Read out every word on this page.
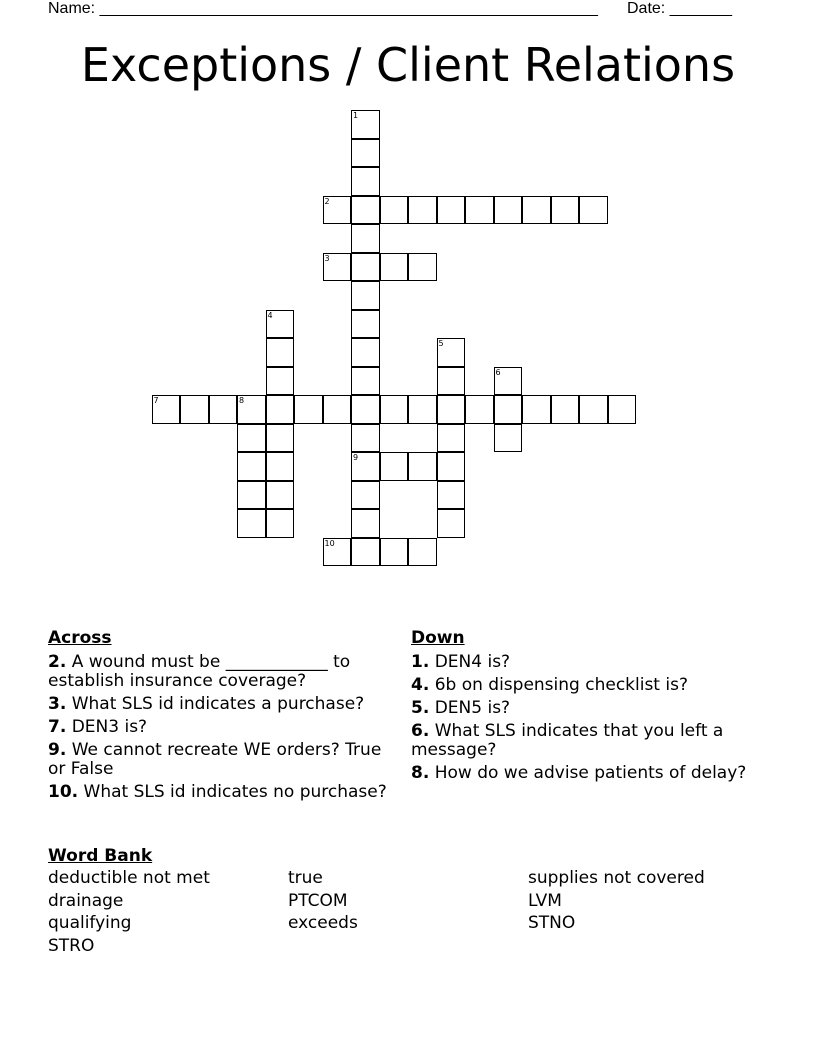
Name: ________________________________________________________ Date: _______
Exceptions / Client Relations
1
2
3
4
5
6
7	8
9
10
Across
2. A wound must be ____________ to establish insurance coverage?
3. What SLS id indicates a purchase?
7. DEN3 is?
9. We cannot recreate WE orders? True or False
10. What SLS id indicates no purchase?
Down
1. DEN4 is?
4. 6b on dispensing checklist is?
5. DEN5 is?
6. What SLS indicates that you left a message?
8. How do we advise patients of delay?
Word Bank
deductible not met	true	supplies not covered
drainage	PTCOM	LVM
qualifying	exceeds	STNO
STRO
